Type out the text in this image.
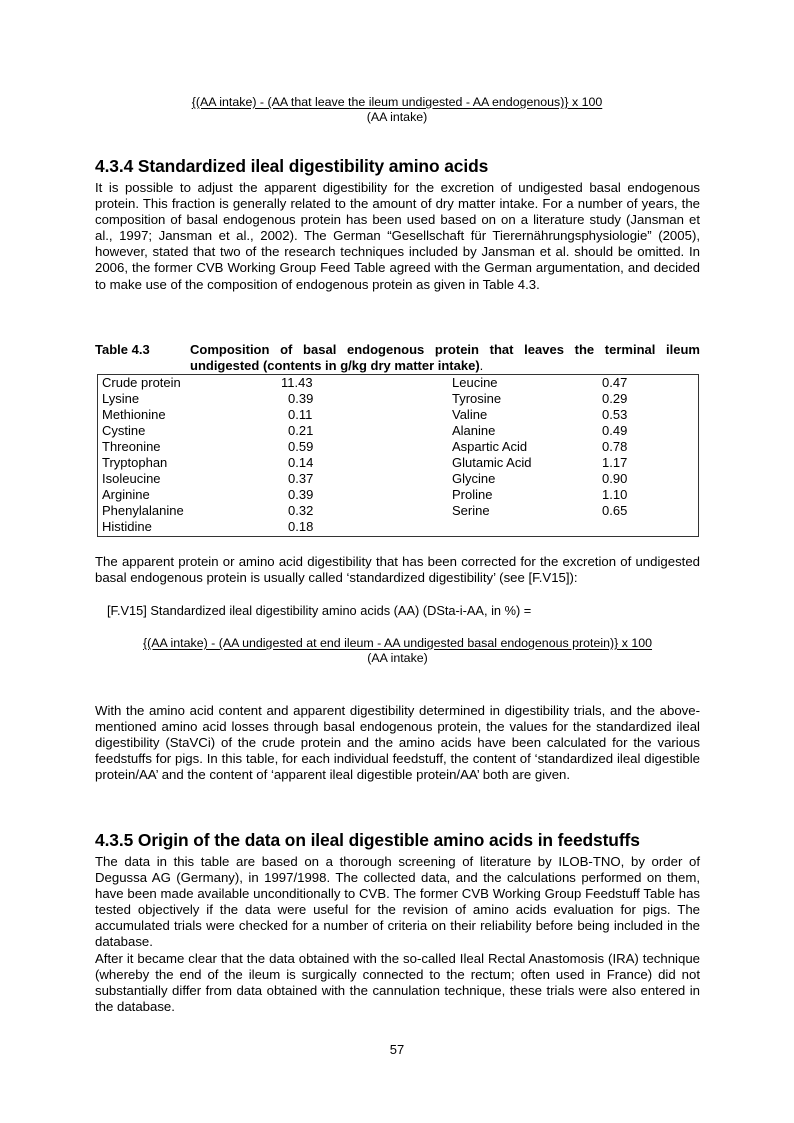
{(AA intake) - (AA that leave the ileum undigested - AA endogenous)} x 100
(AA intake)
4.3.4 Standardized ileal digestibility amino acids

It is possible to adjust the apparent digestibility for the excretion of undigested basal endogenous protein. This fraction is generally related to the amount of dry matter intake. For a number of years, the composition of basal endogenous protein has been used based on on a literature study (Jansman et al., 1997; Jansman et al., 2002). The German “Gesellschaft für Tierernährungsphysiologie” (2005), however, stated that two of the research techniques included by Jansman et al. should be omitted. In 2006, the former CVB Working Group Feed Table agreed with the German argumentation, and decided to make use of the composition of endogenous protein as given in Table 4.3.

Table 4.3	Composition of basal endogenous protein that leaves the terminal ileum undigested (contents in g/kg dry matter intake).
Crude protein	11.43	Leucine	0.47
Lysine	0.39	Tyrosine	0.29
Methionine	0.11	Valine	0.53
Cystine	0.21	Alanine	0.49
Threonine	0.59	Aspartic Acid	0.78
Tryptophan	0.14	Glutamic Acid	1.17
Isoleucine	0.37	Glycine	0.90
Arginine	0.39	Proline	1.10
Phenylalanine	0.32	Serine	0.65
Histidine	0.18

The apparent protein or amino acid digestibility that has been corrected for the excretion of undigested basal endogenous protein is usually called ‘standardized digestibility’ (see [F.V15]):

[F.V15] Standardized ileal digestibility amino acids (AA) (DSta-i-AA, in %) =
{(AA intake) - (AA undigested at end ileum - AA undigested basal endogenous protein)} x 100
(AA intake)

With the amino acid content and apparent digestibility determined in digestibility trials, and the above-mentioned amino acid losses through basal endogenous protein, the values for the standardized ileal digestibility (StaVCi) of the crude protein and the amino acids have been calculated for the various feedstuffs for pigs. In this table, for each individual feedstuff, the content of ‘standardized ileal digestible protein/AA’ and the content of ‘apparent ileal digestible protein/AA’ both are given.

4.3.5 Origin of the data on ileal digestible amino acids in feedstuffs

The data in this table are based on a thorough screening of literature by ILOB-TNO, by order of Degussa AG (Germany), in 1997/1998. The collected data, and the calculations performed on them, have been made available unconditionally to CVB. The former CVB Working Group Feedstuff Table has tested objectively if the data were useful for the revision of amino acids evaluation for pigs. The accumulated trials were checked for a number of criteria on their reliability before being included in the database.

After it became clear that the data obtained with the so-called Ileal Rectal Anastomosis (IRA) technique (whereby the end of the ileum is surgically connected to the rectum; often used in France) did not substantially differ from data obtained with the cannulation technique, these trials were also entered in the database.

57
